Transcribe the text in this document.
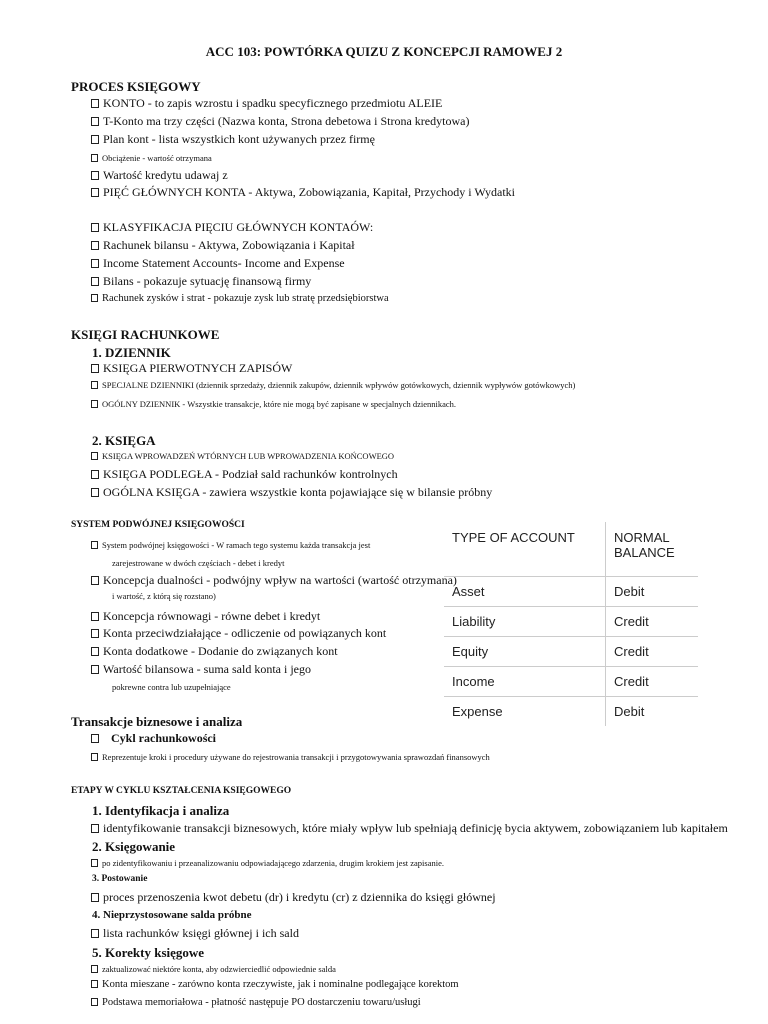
ACC 103: POWTÓRKA QUIZU Z KONCEPCJI RAMOWEJ 2
PROCES KSIĘGOWY
KONTO - to zapis wzrostu i spadku specyficznego przedmiotu ALEIE
T-Konto ma trzy części (Nazwa konta, Strona debetowa i Strona kredytowa)
Plan kont - lista wszystkich kont używanych przez firmę
Obciążenie - wartość otrzymana
Wartość kredytu udawaj z
PIĘĆ GŁÓWNYCH KONTA - Aktywa, Zobowiązania, Kapitał, Przychody i Wydatki
KLASYFIKACJA PIĘCIU GŁÓWNYCH KONTAÓW:
Rachunek bilansu - Aktywa, Zobowiązania i Kapitał
Income Statement Accounts- Income and Expense
Bilans - pokazuje sytuację finansową firmy
Rachunek zysków i strat - pokazuje zysk lub stratę przedsiębiorstwa
KSIĘGI RACHUNKOWE
1. DZIENNIK
KSIĘGA PIERWOTNYCH ZAPISÓW
SPECJALNE DZIENNIKI (dziennik sprzedaży, dziennik zakupów, dziennik wpływów gotówkowych, dziennik wypływów gotówkowych)
OGÓLNY DZIENNIK - Wszystkie transakcje, które nie mogą być zapisane w specjalnych dziennikach.
2. KSIĘGA
KSIĘGA WPROWADZEŃ WTÓRNYCH LUB WPROWADZENIA KOŃCOWEGO
KSIĘGA PODLEGŁA - Podział sald rachunków kontrolnych
OGÓLNA KSIĘGA - zawiera wszystkie konta pojawiające się w bilansie próbny
SYSTEM PODWÓJNEJ KSIĘGOWOŚCI
System podwójnej księgowości - W ramach tego systemu każda transakcja jest
zarejestrowane w dwóch częściach - debet i kredyt
Koncepcja dualności - podwójny wpływ na wartości (wartość otrzymana)
i wartość, z którą się rozstano)
Koncepcja równowagi - równe debet i kredyt
Konta przeciwdziałające - odliczenie od powiązanych kont
Konta dodatkowe - Dodanie do związanych kont
Wartość bilansowa - suma sald konta i jego
pokrewne contra lub uzupełniające
TYPE OF ACCOUNT	NORMAL
BALANCE
Asset	Debit
Liability	Credit
Equity	Credit
Income	Credit
Expense	Debit
Transakcje biznesowe i analiza
Cykl rachunkowości
Reprezentuje kroki i procedury używane do rejestrowania transakcji i przygotowywania sprawozdań finansowych
ETAPY W CYKLU KSZTAŁCENIA KSIĘGOWEGO
1. Identyfikacja i analiza
identyfikowanie transakcji biznesowych, które miały wpływ lub spełniają definicję bycia aktywem, zobowiązaniem lub kapitałem
2. Księgowanie
po zidentyfikowaniu i przeanalizowaniu odpowiadającego zdarzenia, drugim krokiem jest zapisanie.
3. Postowanie
proces przenoszenia kwot debetu (dr) i kredytu (cr) z dziennika do księgi głównej
4. Nieprzystosowane salda próbne
lista rachunków księgi głównej i ich sald
5. Korekty księgowe
zaktualizować niektóre konta, aby odzwierciedlić odpowiednie salda
Konta mieszane - zarówno konta rzeczywiste, jak i nominalne podlegające korektom
Podstawa memoriałowa - płatność następuje PO dostarczeniu towaru/usługi
